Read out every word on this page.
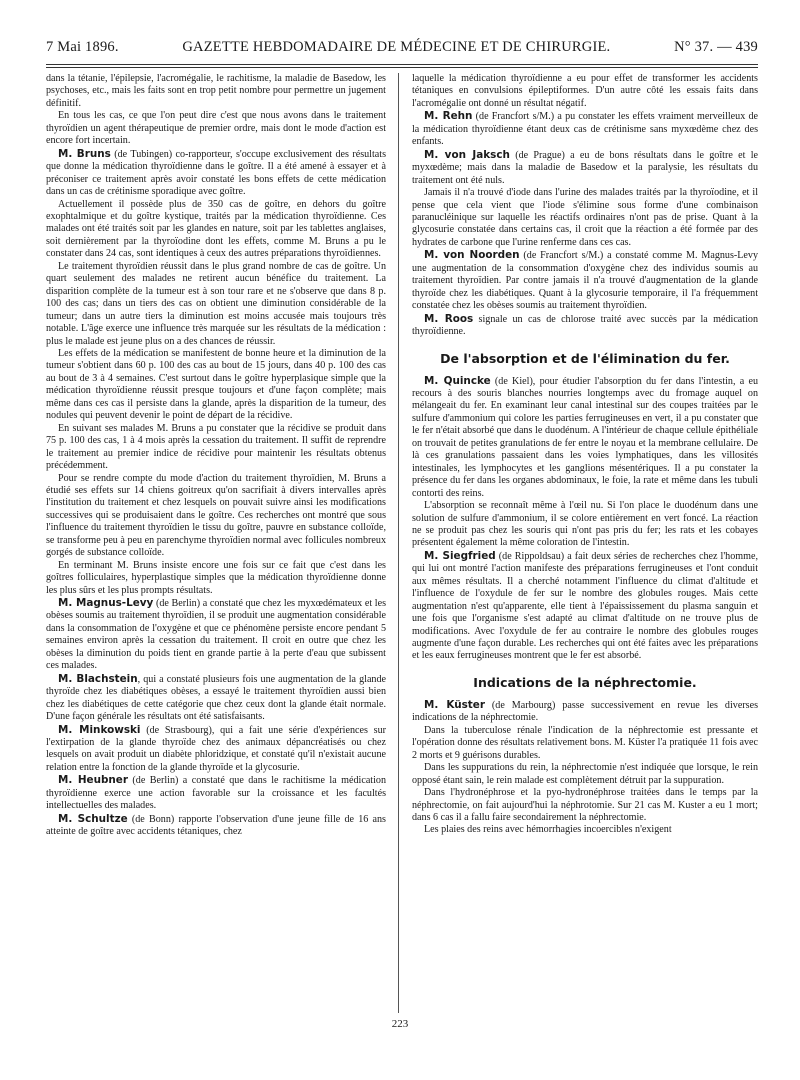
7 Mai 1896.	GAZETTE HEBDOMADAIRE DE MÉDECINE ET DE CHIRURGIE.	N° 37. — 439

dans la tétanie, l'épilepsie, l'acromégalie, le rachitisme, la maladie de Basedow, les psychoses, etc., mais les faits sont en trop petit nombre pour permettre un jugement définitif.

En tous les cas, ce que l'on peut dire c'est que nous avons dans le traitement thyroïdien un agent thérapeutique de premier ordre, mais dont le mode d'action est encore fort incertain.

M. Bruns (de Tubingen) co-rapporteur, s'occupe exclusivement des résultats que donne la médication thyroïdienne dans le goître. Il a été amené à essayer et à préconiser ce traitement après avoir constaté les bons effets de cette médication dans un cas de crétinisme sporadique avec goître.

Actuellement il possède plus de 350 cas de goître, en dehors du goître exophtalmique et du goître kystique, traités par la médication thyroïdienne. Ces malades ont été traités soit par les glandes en nature, soit par les tablettes anglaises, soit dernièrement par la thyroïodine dont les effets, comme M. Bruns a pu le constater dans 24 cas, sont identiques à ceux des autres préparations thyroïdiennes.

Le traitement thyroïdien réussit dans le plus grand nombre de cas de goître. Un quart seulement des malades ne retirent aucun bénéfice du traitement. La disparition complète de la tumeur est à son tour rare et ne s'observe que dans 8 p. 100 des cas; dans un tiers des cas on obtient une diminution considérable de la tumeur; dans un autre tiers la diminution est moins accusée mais toujours très notable. L'âge exerce une influence très marquée sur les résultats de la médication : plus le malade est jeune plus on a des chances de réussir.

Les effets de la médication se manifestent de bonne heure et la diminution de la tumeur s'obtient dans 60 p. 100 des cas au bout de 15 jours, dans 40 p. 100 des cas au bout de 3 à 4 semaines. C'est surtout dans le goître hyperplasique simple que la médication thyroïdienne réussit presque toujours et d'une façon complète; mais même dans ces cas il persiste dans la glande, après la disparition de la tumeur, des nodules qui peuvent devenir le point de départ de la récidive.

En suivant ses malades M. Bruns a pu constater que la récidive se produit dans 75 p. 100 des cas, 1 à 4 mois après la cessation du traitement. Il suffit de reprendre le traitement au premier indice de récidive pour maintenir les résultats obtenus précédemment.

Pour se rendre compte du mode d'action du traitement thyroïdien, M. Bruns a étudié ses effets sur 14 chiens goitreux qu'on sacrifiait à divers intervalles après l'institution du traitement et chez lesquels on pouvait suivre ainsi les modifications successives qui se produisaient dans le goître. Ces recherches ont montré que sous l'influence du traitement thyroïdien le tissu du goître, pauvre en substance colloïde, se transforme peu à peu en parenchyme thyroïdien normal avec follicules nombreux gorgés de substance colloïde.

En terminant M. Bruns insiste encore une fois sur ce fait que c'est dans les goîtres folliculaires, hyperplastique simples que la médication thyroïdienne donne les plus sûrs et les plus prompts résultats.

M. Magnus-Levy (de Berlin) a constaté que chez les myxœdémateux et les obèses soumis au traitement thyroïdien, il se produit une augmentation considérable dans la consommation de l'oxygène et que ce phénomène persiste encore pendant 5 semaines environ après la cessation du traitement. Il croit en outre que chez les obèses la diminution du poids tient en grande partie à la perte d'eau que subissent ces malades.

M. Blachstein, qui a constaté plusieurs fois une augmentation de la glande thyroïde chez les diabétiques obèses, a essayé le traitement thyroïdien aussi bien chez les diabétiques de cette catégorie que chez ceux dont la glande était normale. D'une façon générale les résultats ont été satisfaisants.

M. Minkowski (de Strasbourg), qui a fait une série d'expériences sur l'extirpation de la glande thyroïde chez des animaux dépancréatisés ou chez lesquels on avait produit un diabète phloridzique, et constaté qu'il n'existait aucune relation entre la fonction de la glande thyroïde et la glycosurie.

M. Heubner (de Berlin) a constaté que dans le rachitisme la médication thyroïdienne exerce une action favorable sur la croissance et les facultés intellectuelles des malades.

M. Schultze (de Bonn) rapporte l'observation d'une jeune fille de 16 ans atteinte de goître avec accidents tétaniques, chez

laquelle la médication thyroïdienne a eu pour effet de transformer les accidents tétaniques en convulsions épileptiformes. D'un autre côté les essais faits dans l'acromégalie ont donné un résultat négatif.

M. Rehn (de Francfort s/M.) a pu constater les effets vraiment merveilleux de la médication thyroïdienne étant deux cas de crétinisme sans myxœdème chez des enfants.

M. von Jaksch (de Prague) a eu de bons résultats dans le goître et le myxœdème; mais dans la maladie de Basedow et la paralysie, les résultats du traitement ont été nuls.

Jamais il n'a trouvé d'iode dans l'urine des malades traités par la thyroïodine, et il pense que cela vient que l'iode s'élimine sous forme d'une combinaison paranucléinique sur laquelle les réactifs ordinaires n'ont pas de prise. Quant à la glycosurie constatée dans certains cas, il croit que la réaction a été formée par des hydrates de carbone que l'urine renferme dans ces cas.

M. von Noorden (de Francfort s/M.) a constaté comme M. Magnus-Levy une augmentation de la consommation d'oxygène chez des individus soumis au traitement thyroïdien. Par contre jamais il n'a trouvé d'augmentation de la glande thyroïde chez les diabétiques. Quant à la glycosurie temporaire, il l'a fréquemment constatée chez les obèses soumis au traitement thyroïdien.

M. Roos signale un cas de chlorose traité avec succès par la médication thyroïdienne.

De l'absorption et de l'élimination du fer.

M. Quincke (de Kiel), pour étudier l'absorption du fer dans l'intestin, a eu recours à des souris blanches nourries longtemps avec du fromage auquel on mélangeait du fer. En examinant leur canal intestinal sur des coupes traitées par le sulfure d'ammonium qui colore les parties ferrugineuses en vert, il a pu constater que le fer n'était absorbé que dans le duodénum. A l'intérieur de chaque cellule épithéliale on trouvait de petites granulations de fer entre le noyau et la membrane cellulaire. De là ces granulations passaient dans les voies lymphatiques, dans les villosités intestinales, les lymphocytes et les ganglions mésentériques. Il a pu constater la présence du fer dans les organes abdominaux, le foie, la rate et même dans les tubuli contorti des reins.

L'absorption se reconnaît même à l'œil nu. Si l'on place le duodénum dans une solution de sulfure d'ammonium, il se colore entièrement en vert foncé. La réaction ne se produit pas chez les souris qui n'ont pas pris du fer; les rats et les cobayes présentent également la même coloration de l'intestin.

M. Siegfried (de Rippoldsau) a fait deux séries de recherches chez l'homme, qui lui ont montré l'action manifeste des préparations ferrugineuses et l'ont conduit aux mêmes résultats. Il a cherché notamment l'influence du climat d'altitude et l'influence de l'oxydule de fer sur le nombre des globules rouges. Mais cette augmentation n'est qu'apparente, elle tient à l'épaississement du plasma sanguin et une fois que l'organisme s'est adapté au climat d'altitude on ne trouve plus de modifications. Avec l'oxydule de fer au contraire le nombre des globules rouges augmente d'une façon durable. Les recherches qui ont été faites avec les préparations et les eaux ferrugineuses montrent que le fer est absorbé.

Indications de la néphrectomie.

M. Küster (de Marbourg) passe successivement en revue les diverses indications de la néphrectomie.

Dans la tuberculose rénale l'indication de la néphrectomie est pressante et l'opération donne des résultats relativement bons. M. Küster l'a pratiquée 11 fois avec 2 morts et 9 guérisons durables.

Dans les suppurations du rein, la néphrectomie n'est indiquée que lorsque, le rein opposé étant sain, le rein malade est complètement détruit par la suppuration.

Dans l'hydronéphrose et la pyo-hydronéphrose traitées dans le temps par la néphrectomie, on fait aujourd'hui la néphrotomie. Sur 21 cas M. Kuster a eu 1 mort; dans 6 cas il a fallu faire secondairement la néphrectomie.

Les plaies des reins avec hémorrhagies incoercibles n'exigent

223
